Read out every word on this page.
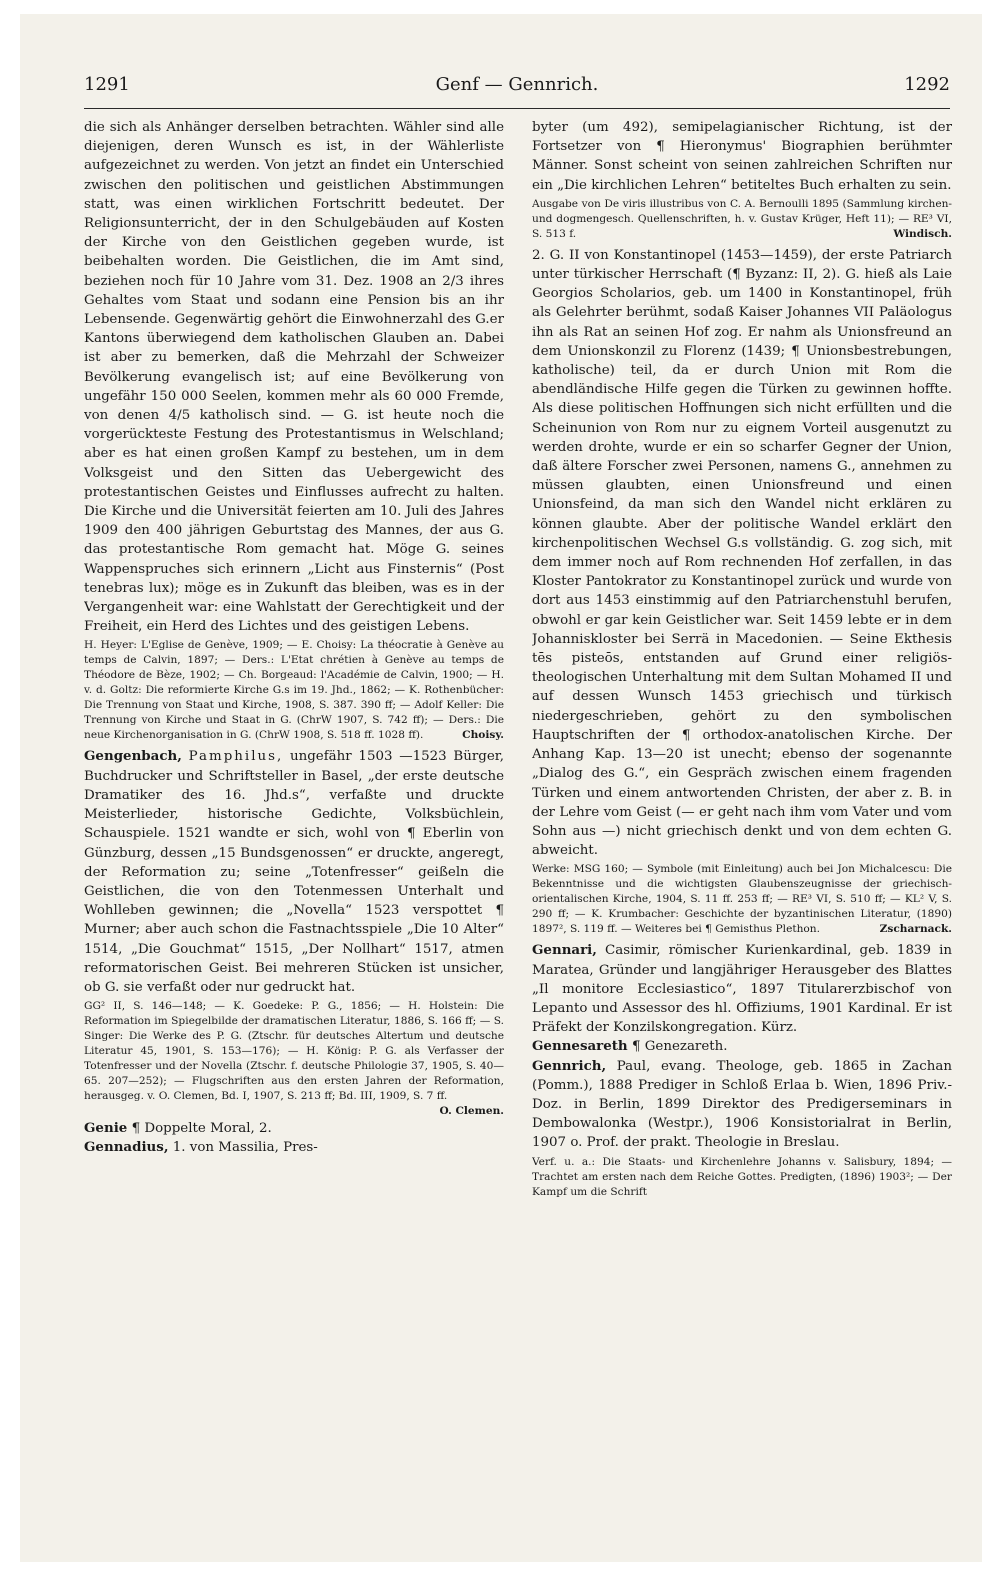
1291	Genf — Gennrich.	1292

die sich als Anhänger derselben betrachten. Wähler sind alle diejenigen, deren Wunsch es ist, in der Wählerliste aufgezeichnet zu werden. Von jetzt an findet ein Unterschied zwischen den politischen und geistlichen Abstimmungen statt, was einen wirklichen Fortschritt bedeutet. Der Religionsunterricht, der in den Schulgebäuden auf Kosten der Kirche von den Geistlichen gegeben wurde, ist beibehalten worden. Die Geistlichen, die im Amt sind, beziehen noch für 10 Jahre vom 31. Dez. 1908 an 2/3 ihres Gehaltes vom Staat und sodann eine Pension bis an ihr Lebensende. Gegenwärtig gehört die Einwohnerzahl des G.er Kantons überwiegend dem katholischen Glauben an. Dabei ist aber zu bemerken, daß die Mehrzahl der Schweizer Bevölkerung evangelisch ist; auf eine Bevölkerung von ungefähr 150 000 Seelen, kommen mehr als 60 000 Fremde, von denen 4/5 katholisch sind. — G. ist heute noch die vorgerückteste Festung des Protestantismus in Welschland; aber es hat einen großen Kampf zu bestehen, um in dem Volksgeist und den Sitten das Uebergewicht des protestantischen Geistes und Einflusses aufrecht zu halten. Die Kirche und die Universität feierten am 10. Juli des Jahres 1909 den 400 jährigen Geburtstag des Mannes, der aus G. das protestantische Rom gemacht hat. Möge G. seines Wappenspruches sich erinnern „Licht aus Finsternis“ (Post tenebras lux); möge es in Zukunft das bleiben, was es in der Vergangenheit war: eine Wahlstatt der Gerechtigkeit und der Freiheit, ein Herd des Lichtes und des geistigen Lebens.

H. Heyer: L'Eglise de Genève, 1909; — E. Choisy: La théocratie à Genève au temps de Calvin, 1897; — Ders.: L'Etat chrétien à Genève au temps de Théodore de Bèze, 1902; — Ch. Borgeaud: l'Académie de Calvin, 1900; — H. v. d. Goltz: Die reformierte Kirche G.s im 19. Jhd., 1862; — K. Rothenbücher: Die Trennung von Staat und Kirche, 1908, S. 387. 390 ff; — Adolf Keller: Die Trennung von Kirche und Staat in G. (ChrW 1907, S. 742 ff); — Ders.: Die neue Kirchenorganisation in G. (ChrW 1908, S. 518 ff. 1028 ff).	Choisy.

Gengenbach, Pamphilus, ungefähr 1503 —1523 Bürger, Buchdrucker und Schriftsteller in Basel, „der erste deutsche Dramatiker des 16. Jhd.s“, verfaßte und druckte Meisterlieder, historische Gedichte, Volksbüchlein, Schauspiele. 1521 wandte er sich, wohl von ¶ Eberlin von Günzburg, dessen „15 Bundsgenossen“ er druckte, angeregt, der Reformation zu; seine „Totenfresser“ geißeln die Geistlichen, die von den Totenmessen Unterhalt und Wohlleben gewinnen; die „Novella“ 1523 verspottet ¶ Murner; aber auch schon die Fastnachtsspiele „Die 10 Alter“ 1514, „Die Gouchmat“ 1515, „Der Nollhart“ 1517, atmen reformatorischen Geist. Bei mehreren Stücken ist unsicher, ob G. sie verfaßt oder nur gedruckt hat.

GG² II, S. 146—148; — K. Goedeke: P. G., 1856; — H. Holstein: Die Reformation im Spiegelbilde der dramatischen Literatur, 1886, S. 166 ff; — S. Singer: Die Werke des P. G. (Ztschr. für deutsches Altertum und deutsche Literatur 45, 1901, S. 153—176); — H. König: P. G. als Verfasser der Totenfresser und der Novella (Ztschr. f. deutsche Philologie 37, 1905, S. 40—65. 207—252); — Flugschriften aus den ersten Jahren der Reformation, herausgeg. v. O. Clemen, Bd. I, 1907, S. 213 ff; Bd. III, 1909, S. 7 ff.
O. Clemen.

Genie ¶ Doppelte Moral, 2.

Gennadius, 1. von Massilia, Pres-

byter (um 492), semipelagianischer Richtung, ist der Fortsetzer von ¶ Hieronymus' Biographien berühmter Männer. Sonst scheint von seinen zahlreichen Schriften nur ein „Die kirchlichen Lehren“ betiteltes Buch erhalten zu sein.

Ausgabe von De viris illustribus von C. A. Bernoulli 1895 (Sammlung kirchen- und dogmengesch. Quellenschriften, h. v. Gustav Krüger, Heft 11); — RE³ VI, S. 513 f.	Windisch.

2. G. II von Konstantinopel (1453—1459), der erste Patriarch unter türkischer Herrschaft (¶ Byzanz: II, 2). G. hieß als Laie Georgios Scholarios, geb. um 1400 in Konstantinopel, früh als Gelehrter berühmt, sodaß Kaiser Johannes VII Paläologus ihn als Rat an seinen Hof zog. Er nahm als Unionsfreund an dem Unionskonzil zu Florenz (1439; ¶ Unionsbestrebungen, katholische) teil, da er durch Union mit Rom die abendländische Hilfe gegen die Türken zu gewinnen hoffte. Als diese politischen Hoffnungen sich nicht erfüllten und die Scheinunion von Rom nur zu eignem Vorteil ausgenutzt zu werden drohte, wurde er ein so scharfer Gegner der Union, daß ältere Forscher zwei Personen, namens G., annehmen zu müssen glaubten, einen Unionsfreund und einen Unionsfeind, da man sich den Wandel nicht erklären zu können glaubte. Aber der politische Wandel erklärt den kirchenpolitischen Wechsel G.s vollständig. G. zog sich, mit dem immer noch auf Rom rechnenden Hof zerfallen, in das Kloster Pantokrator zu Konstantinopel zurück und wurde von dort aus 1453 einstimmig auf den Patriarchenstuhl berufen, obwohl er gar kein Geistlicher war. Seit 1459 lebte er in dem Johanniskloster bei Serrä in Macedonien. — Seine Ekthesis tēs pisteōs, entstanden auf Grund einer religiös-theologischen Unterhaltung mit dem Sultan Mohamed II und auf dessen Wunsch 1453 griechisch und türkisch niedergeschrieben, gehört zu den symbolischen Hauptschriften der ¶ orthodox-anatolischen Kirche. Der Anhang Kap. 13—20 ist unecht; ebenso der sogenannte „Dialog des G.“, ein Gespräch zwischen einem fragenden Türken und einem antwortenden Christen, der aber z. B. in der Lehre vom Geist (— er geht nach ihm vom Vater und vom Sohn aus —) nicht griechisch denkt und von dem echten G. abweicht.

Werke: MSG 160; — Symbole (mit Einleitung) auch bei Jon Michalcescu: Die Bekenntnisse und die wichtigsten Glaubenszeugnisse der griechisch-orientalischen Kirche, 1904, S. 11 ff. 253 ff; — RE³ VI, S. 510 ff; — KL² V, S. 290 ff; — K. Krumbacher: Geschichte der byzantinischen Literatur, (1890) 1897², S. 119 ff. — Weiteres bei ¶ Gemisthus Plethon.	Zscharnack.

Gennari, Casimir, römischer Kurienkardinal, geb. 1839 in Maratea, Gründer und langjähriger Herausgeber des Blattes „Il monitore Ecclesiastico“, 1897 Titularerzbischof von Lepanto und Assessor des hl. Offiziums, 1901 Kardinal. Er ist Präfekt der Konzilskongregation. Kürz.

Gennesareth ¶ Genezareth.

Gennrich, Paul, evang. Theologe, geb. 1865 in Zachan (Pomm.), 1888 Prediger in Schloß Erlaa b. Wien, 1896 Priv.-Doz. in Berlin, 1899 Direktor des Predigerseminars in Dembowalonka (Westpr.), 1906 Konsistorialrat in Berlin, 1907 o. Prof. der prakt. Theologie in Breslau.

Verf. u. a.: Die Staats- und Kirchenlehre Johanns v. Salisbury, 1894; — Trachtet am ersten nach dem Reiche Gottes. Predigten, (1896) 1903²; — Der Kampf um die Schrift
